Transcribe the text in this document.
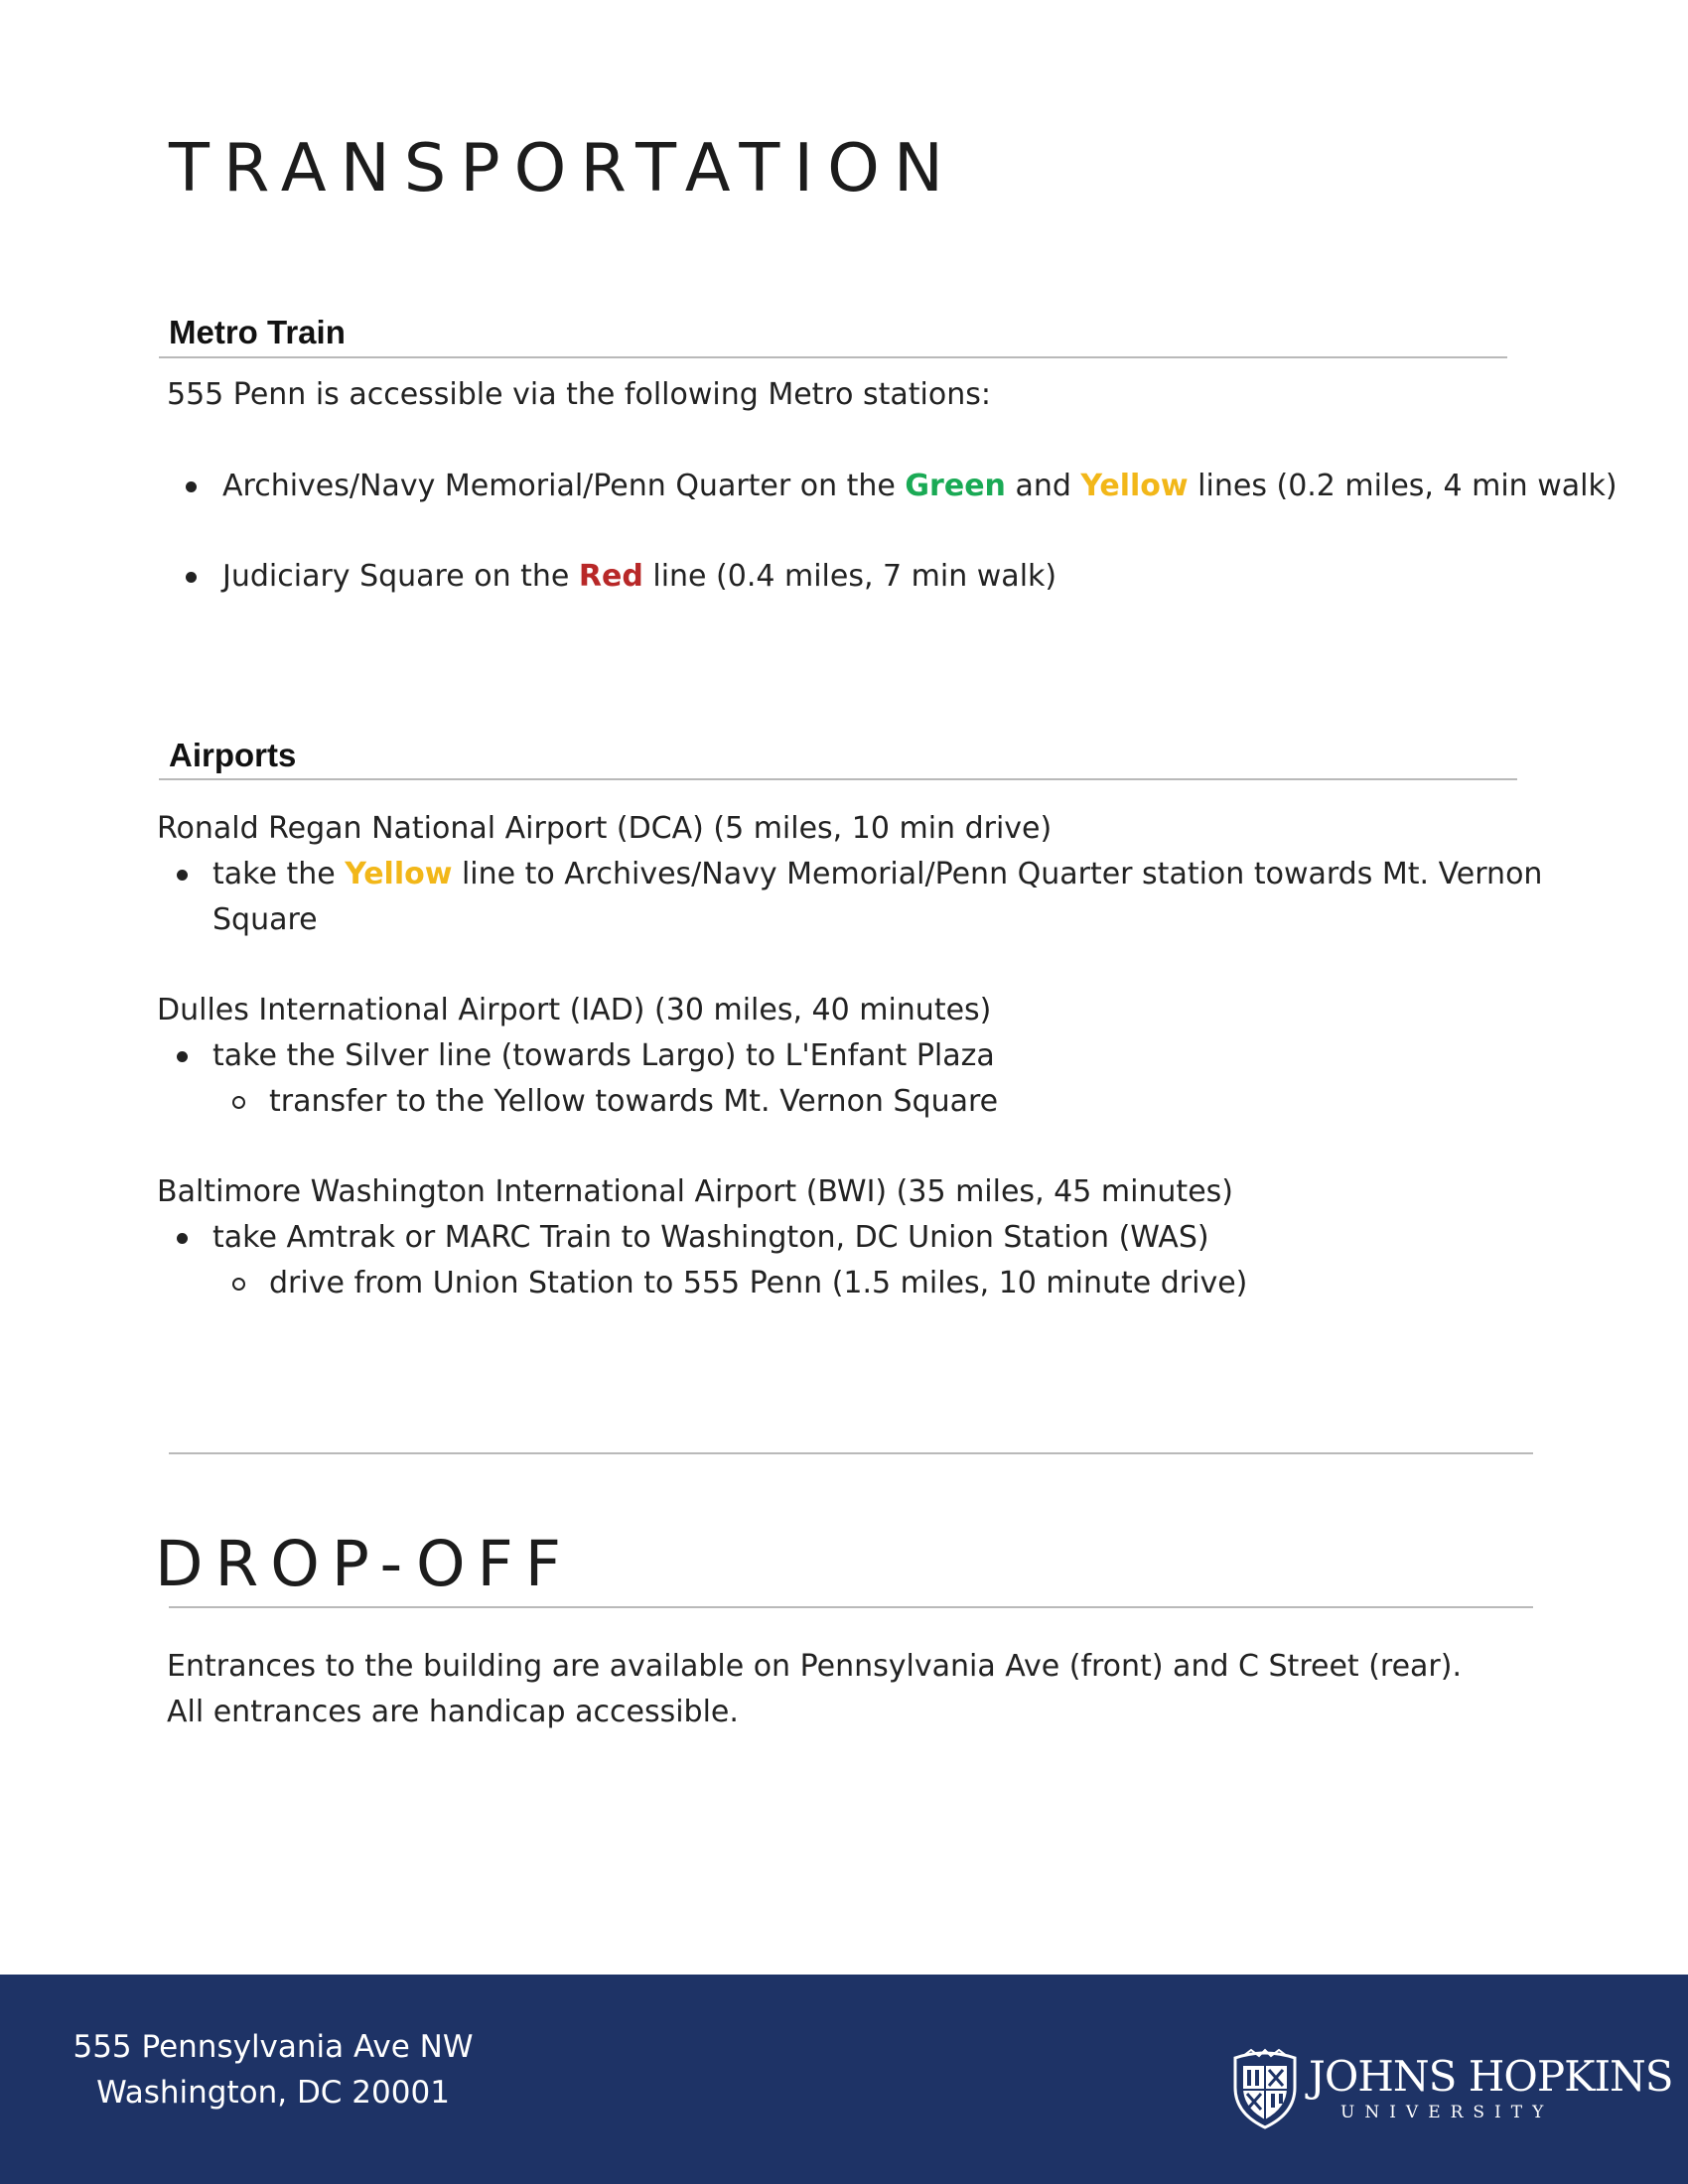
TRANSPORTATION
Metro Train
555 Penn is accessible via the following Metro stations:
Archives/Navy Memorial/Penn Quarter on the Green and Yellow lines (0.2 miles, 4 min walk)
Judiciary Square on the Red line (0.4 miles, 7 min walk)
Airports
Ronald Regan National Airport (DCA) (5 miles, 10 min drive)
take the Yellow line to Archives/Navy Memorial/Penn Quarter station towards Mt. Vernon Square
Dulles International Airport (IAD) (30 miles, 40 minutes)
take the Silver line (towards Largo) to L'Enfant Plaza
transfer to the Yellow towards Mt. Vernon Square
Baltimore Washington International Airport (BWI) (35 miles, 45 minutes)
take Amtrak or MARC Train to Washington, DC Union Station (WAS)
drive from Union Station to 555 Penn (1.5 miles, 10 minute drive)
DROP-OFF
Entrances to the building are available on Pennsylvania Ave (front) and C Street (rear).
All entrances are handicap accessible.
555 Pennsylvania Ave NW
Washington, DC 20001	JOHNS HOPKINS
UNIVERSITY
